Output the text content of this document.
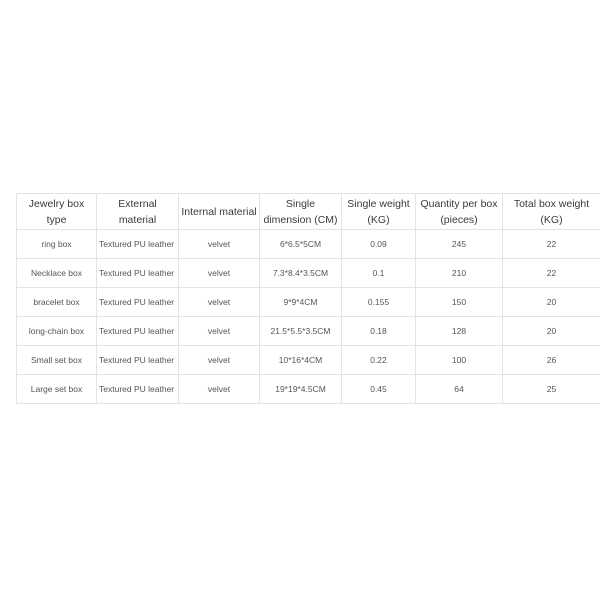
Jewelry box type	External material	Internal material	Single dimension (CM)	Single weight (KG)	Quantity per box (pieces)	Total box weight (KG)

ring box	Textured PU leather	velvet	6*6.5*5CM	0.09	245	22
Necklace box	Textured PU leather	velvet	7.3*8.4*3.5CM	0.1	210	22
bracelet box	Textured PU leather	velvet	9*9*4CM	0.155	150	20
long-chain box	Textured PU leather	velvet	21.5*5.5*3.5CM	0.18	128	20
Small set box	Textured PU leather	velvet	10*16*4CM	0.22	100	26
Large set box	Textured PU leather	velvet	19*19*4.5CM	0.45	64	25
